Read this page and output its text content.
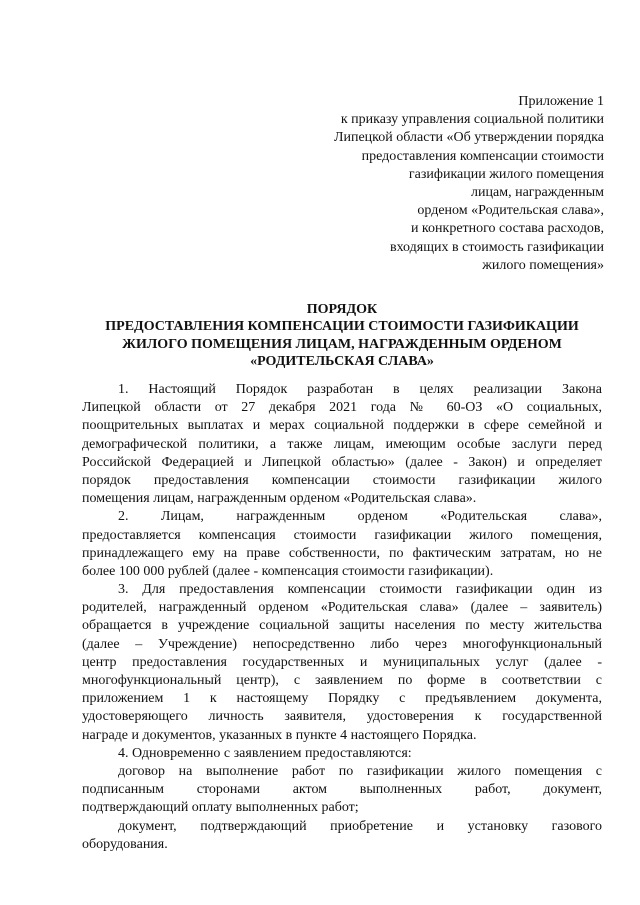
Приложение 1
к приказу управления социальной политики
Липецкой области «Об утверждении порядка
предоставления компенсации стоимости
газификации жилого помещения
лицам, награжденным
орденом «Родительская слава»,
и конкретного состава расходов,
входящих в стоимость газификации
жилого помещения»
ПОРЯДОК
ПРЕДОСТАВЛЕНИЯ КОМПЕНСАЦИИ СТОИМОСТИ ГАЗИФИКАЦИИ
ЖИЛОГО ПОМЕЩЕНИЯ ЛИЦАМ, НАГРАЖДЕННЫМ ОРДЕНОМ
«РОДИТЕЛЬСКАЯ СЛАВА»
1. Настоящий Порядок разработан в целях реализации Закона
Липецкой области от 27 декабря 2021 года № 60-ОЗ «О социальных,
поощрительных выплатах и мерах социальной поддержки в сфере семейной и
демографической политики, а также лицам, имеющим особые заслуги перед
Российской Федерацией и Липецкой областью» (далее - Закон) и определяет
порядок предоставления компенсации стоимости газификации жилого
помещения лицам, награжденным орденом «Родительская слава».
2. Лицам, награжденным орденом «Родительская слава»,
предоставляется компенсация стоимости газификации жилого помещения,
принадлежащего ему на праве собственности, по фактическим затратам, но не
более 100 000 рублей (далее - компенсация стоимости газификации).
3. Для предоставления компенсации стоимости газификации один из
родителей, награжденный орденом «Родительская слава» (далее – заявитель)
обращается в учреждение социальной защиты населения по месту жительства
(далее – Учреждение) непосредственно либо через многофункциональный
центр предоставления государственных и муниципальных услуг (далее -
многофункциональный центр), с заявлением по форме в соответствии с
приложением 1 к настоящему Порядку с предъявлением документа,
удостоверяющего личность заявителя, удостоверения к государственной
награде и документов, указанных в пункте 4 настоящего Порядка.
4. Одновременно с заявлением предоставляются:
договор на выполнение работ по газификации жилого помещения с
подписанным сторонами актом выполненных работ, документ,
подтверждающий оплату выполненных работ;
документ, подтверждающий приобретение и установку газового
оборудования.
